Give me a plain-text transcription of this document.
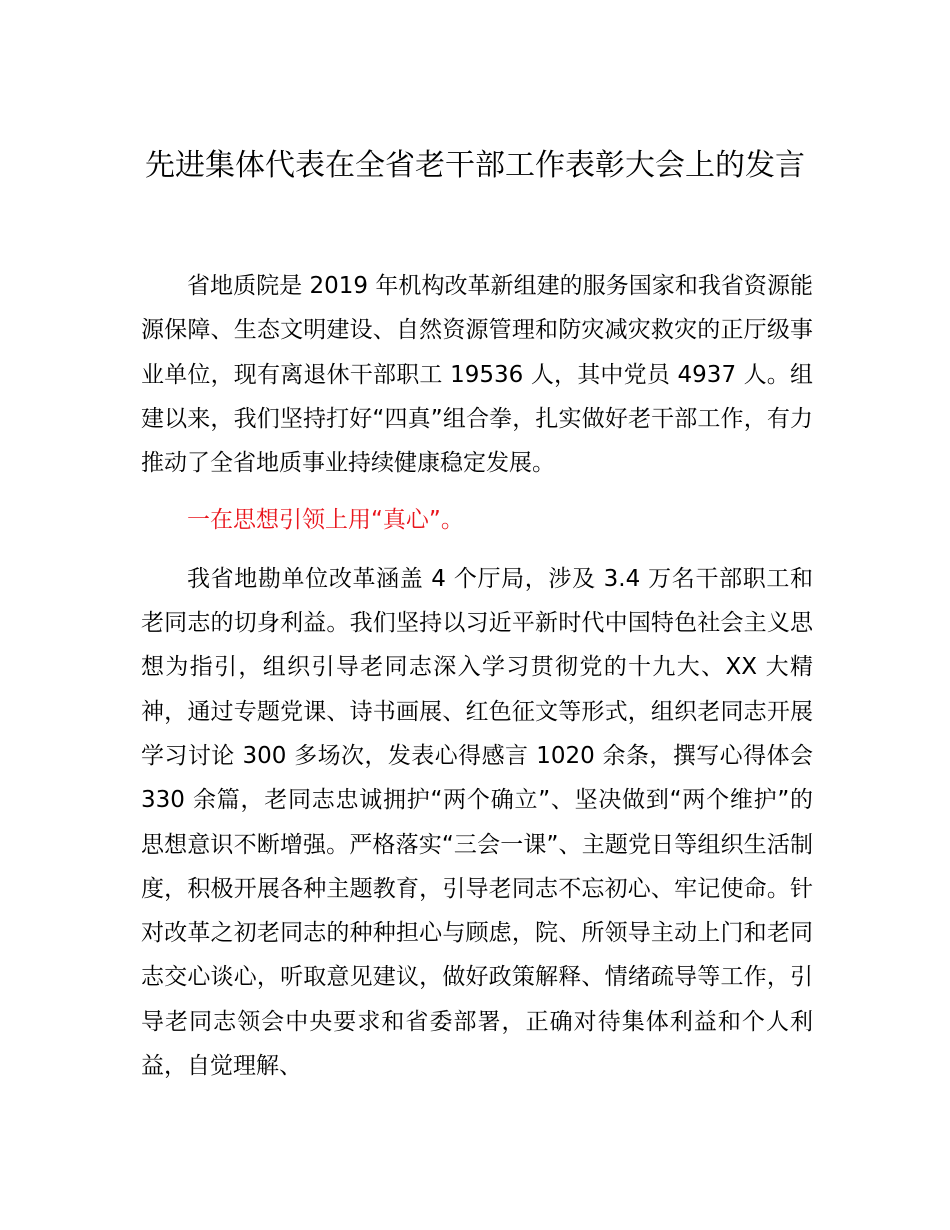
先进集体代表在全省老干部工作表彰大会上的发言

省地质院是 2019 年机构改革新组建的服务国家和我省资源能源保障、生态文明建设、自然资源管理和防灾减灾救灾的正厅级事业单位，现有离退休干部职工 19536 人，其中党员 4937 人。组建以来，我们坚持打好“四真”组合拳，扎实做好老干部工作，有力推动了全省地质事业持续健康稳定发展。

一在思想引领上用“真心”。

我省地勘单位改革涵盖 4 个厅局，涉及 3.4 万名干部职工和老同志的切身利益。我们坚持以习近平新时代中国特色社会主义思想为指引，组织引导老同志深入学习贯彻党的十九大、XX 大精神，通过专题党课、诗书画展、红色征文等形式，组织老同志开展学习讨论 300 多场次，发表心得感言 1020 余条，撰写心得体会 330 余篇，老同志忠诚拥护“两个确立”、坚决做到“两个维护”的思想意识不断增强。严格落实“三会一课”、主题党日等组织生活制度，积极开展各种主题教育，引导老同志不忘初心、牢记使命。针对改革之初老同志的种种担心与顾虑，院、所领导主动上门和老同志交心谈心，听取意见建议，做好政策解释、情绪疏导等工作，引导老同志领会中央要求和省委部署，正确对待集体利益和个人利益，自觉理解、
